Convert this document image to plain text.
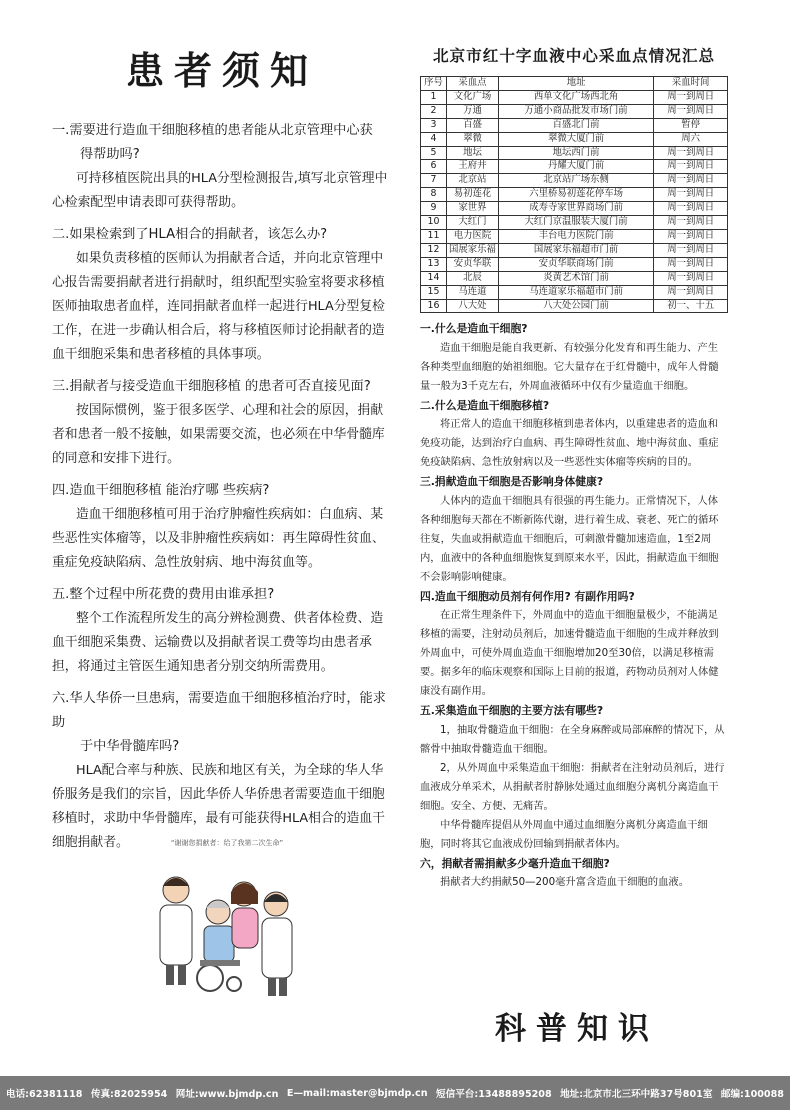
患者须知

一.需要进行造血干细胞移植的患者能从北京管理中心获

得帮助吗?

可持移植医院出具的HLA分型检测报告,填写北京管理中心检索配型申请表即可获得帮助。

二.如果检索到了HLA相合的捐献者，该怎么办?

如果负责移植的医师认为捐献者合适，并向北京管理中心报告需要捐献者进行捐献时，组织配型实验室将要求移植医师抽取患者血样，连同捐献者血样一起进行HLA分型复检工作，在进一步确认相合后，将与移植医师讨论捐献者的造血干细胞采集和患者移植的具体事项。

三.捐献者与接受造血干细胞移植 的患者可否直接见面?

按国际惯例，鉴于很多医学、心理和社会的原因，捐献者和患者一般不接触，如果需要交流，也必须在中华骨髓库的同意和安排下进行。

四.造血干细胞移植 能治疗哪 些疾病?

造血干细胞移植可用于治疗肿瘤性疾病如：白血病、某些恶性实体瘤等，以及非肿瘤性疾病如：再生障碍性贫血、重症免疫缺陷病、急性放射病、地中海贫血等。

五.整个过程中所花费的费用由谁承担?

整个工作流程所发生的高分辨检测费、供者体检费、造血干细胞采集费、运输费以及捐献者误工费等均由患者承担，将通过主管医生通知患者分别交纳所需费用。

六.华人华侨一旦患病，需要造血干细胞移植治疗时，能求助

于中华骨髓库吗?

HLA配合率与种族、民族和地区有关，为全球的华人华侨服务是我们的宗旨，因此华侨人华侨患者需要造血干细胞移植时，求助中华骨髓库，最有可能获得HLA相合的造血干细胞捐献者。	“谢谢您捐献者：给了我第二次生命”
北京市红十字血液中心采血点情况汇总
序号	采血点	地址	采血时间
1	文化广场	西单文化广场西北角	周一到周日
2	万通	万通小商品批发市场门前	周一到周日
3	百盛	百盛北门前	暂停
4	翠微	翠微大厦门前	周六
5	地坛	地坛西门前	周一到周日
6	王府井	丹耀大厦门前	周一到周日
7	北京站	北京站广场东侧	周一到周日
8	易初莲花	六里桥易初莲花停车场	周一到周日
9	家世界	成寿寺家世界商场门前	周一到周日
10	大红门	大红门京温服装大厦门前	周一到周日
11	电力医院	丰台电力医院门前	周一到周日
12	国展家乐福	国展家乐福超市门前	周一到周日
13	安贞华联	安贞华联商场门前	周一到周日
14	北辰	炎黄艺术馆门前	周一到周日
15	马连道	马连道家乐福超市门前	周一到周日
16	八大处	八大处公园门前	初一、十五

一.什么是造血干细胞?

造血干细胞是能自我更新、有较强分化发育和再生能力、产生各种类型血细胞的始祖细胞。它大量存在于红骨髓中，成年人骨髓量一般为3千克左右，外周血液循环中仅有少量造血干细胞。

二.什么是造血干细胞移植?

将正常人的造血干细胞移植到患者体内，以重建患者的造血和免疫功能，达到治疗白血病、再生障碍性贫血、地中海贫血、重症免疫缺陷病、急性放射病以及一些恶性实体瘤等疾病的目的。

三.捐献造血干细胞是否影响身体健康?

人体内的造血干细胞具有很强的再生能力。正常情况下，人体各种细胞每天都在不断新陈代谢，进行着生成、衰老、死亡的循环往复，失血或捐献造血干细胞后，可刺激骨髓加速造血，1至2周内，血液中的各种血细胞恢复到原来水平，因此，捐献造血干细胞不会影响影响健康。

四.造血干细胞动员剂有何作用? 有副作用吗?

在正常生理条件下，外周血中的造血干细胞量极少，不能满足移植的需要，注射动员剂后，加速骨髓造血干细胞的生成并释放到外周血中，可使外周血造血干细胞增加20至30倍，以满足移植需要。据多年的临床观察和国际上目前的报道，药物动员剂对人体健康没有副作用。

五.采集造血干细胞的主要方法有哪些?

1，抽取骨髓造血干细胞：在全身麻醉或局部麻醉的情况下，从髂骨中抽取骨髓造血干细胞。

2，从外周血中采集造血干细胞：捐献者在注射动员剂后，进行血液成分单采术，从捐献者肘静脉处通过血细胞分离机分离造血干细胞。安全、方便、无痛苦。

中华骨髓库提倡从外周血中通过血细胞分离机分离造血干细胞，同时将其它血液成份回输到捐献者体内。

六，捐献者需捐献多少毫升造血干细胞?

捐献者大约捐献50—200毫升富含造血干细胞的血液。

科普知识
电话:62381118 传真:82025954 网址:www.bjmdp.cn E—mail:master@bjmdp.cn 短信平台:13488895208 地址:北京市北三环中路37号801室 邮编:100088
